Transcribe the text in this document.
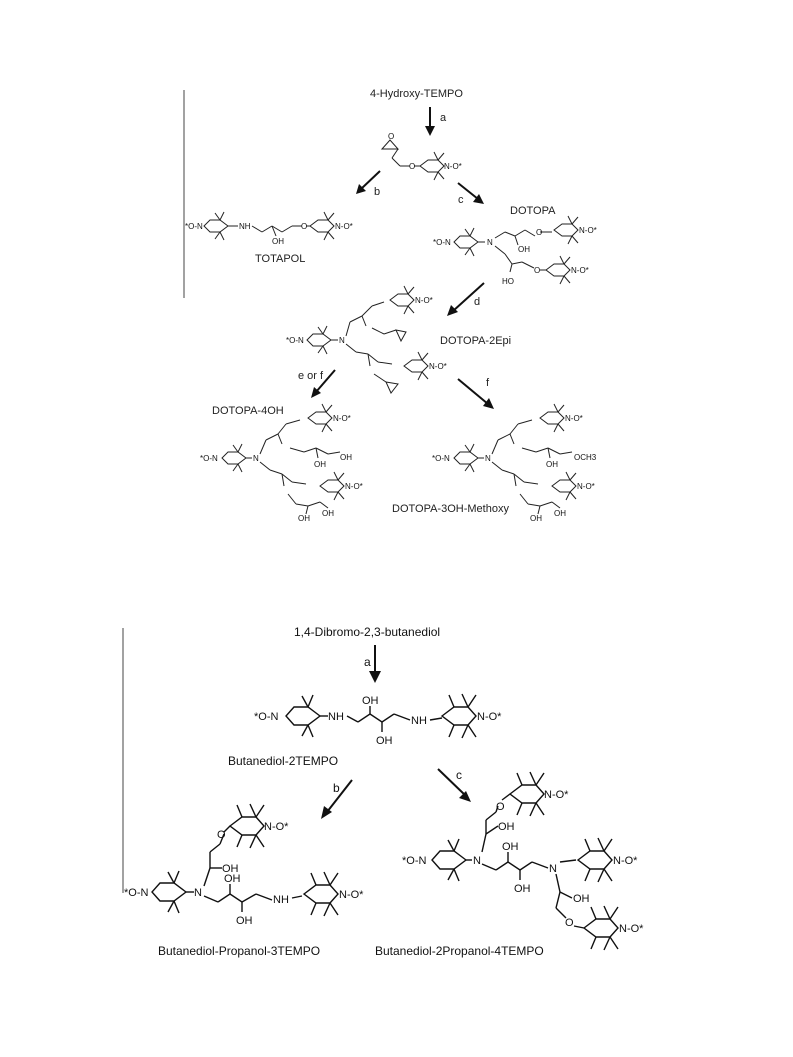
4-Hydroxy-TEMPO
a
O
O	N-O*
b
c
*O-N	NH
OH
O	N-O*
TOTAPOL
DOTOPA
*O-N	N
OH
O	N-O*
HO
O	N-O*
d
*O-N	N
N-O*
N-O*
DOTOPA-2Epi
e or f
f
DOTOPA-4OH
*O-N	N
N-O*
OH
OH
N-O*
OH
OH
*O-N	N
N-O*
OH
OCH3
N-O*
OH
OH
DOTOPA-3OH-Methoxy
1,4-Dibromo-2,3-butanediol
a
*O-N	NH
OH
OH
NH	N-O*
Butanediol-2TEMPO
b
c
*O-N	N
O
N-O*
OH
OH
OH
NH	N-O*
Butanediol-Propanol-3TEMPO
*O-N	N
O
N-O*
OH
OH
OH
N
N-O*
OH
O	N-O*
Butanediol-2Propanol-4TEMPO
